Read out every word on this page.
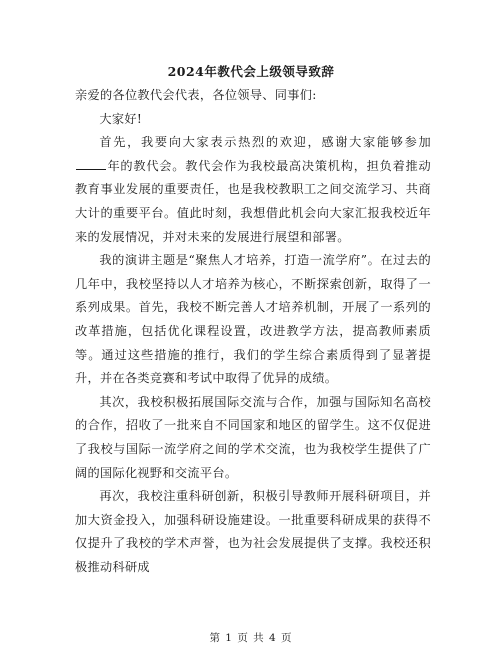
2024年教代会上级领导致辞

亲爱的各位教代会代表，各位领导、同事们:

大家好!

首先，我要向大家表示热烈的欢迎，感谢大家能够参加年的教代会。教代会作为我校最高决策机构，担负着推动教育事业发展的重要责任，也是我校教职工之间交流学习、共商大计的重要平台。值此时刻，我想借此机会向大家汇报我校近年来的发展情况，并对未来的发展进行展望和部署。

我的演讲主题是“聚焦人才培养，打造一流学府”。在过去的几年中，我校坚持以人才培养为核心，不断探索创新，取得了一系列成果。首先，我校不断完善人才培养机制，开展了一系列的改革措施，包括优化课程设置，改进教学方法，提高教师素质等。通过这些措施的推行，我们的学生综合素质得到了显著提升，并在各类竞赛和考试中取得了优异的成绩。

其次，我校积极拓展国际交流与合作，加强与国际知名高校的合作，招收了一批来自不同国家和地区的留学生。这不仅促进了我校与国际一流学府之间的学术交流，也为我校学生提供了广阔的国际化视野和交流平台。

再次，我校注重科研创新，积极引导教师开展科研项目，并加大资金投入，加强科研设施建设。一批重要科研成果的获得不仅提升了我校的学术声誉，也为社会发展提供了支撑。我校还积极推动科研成

第 1 页 共 4 页
